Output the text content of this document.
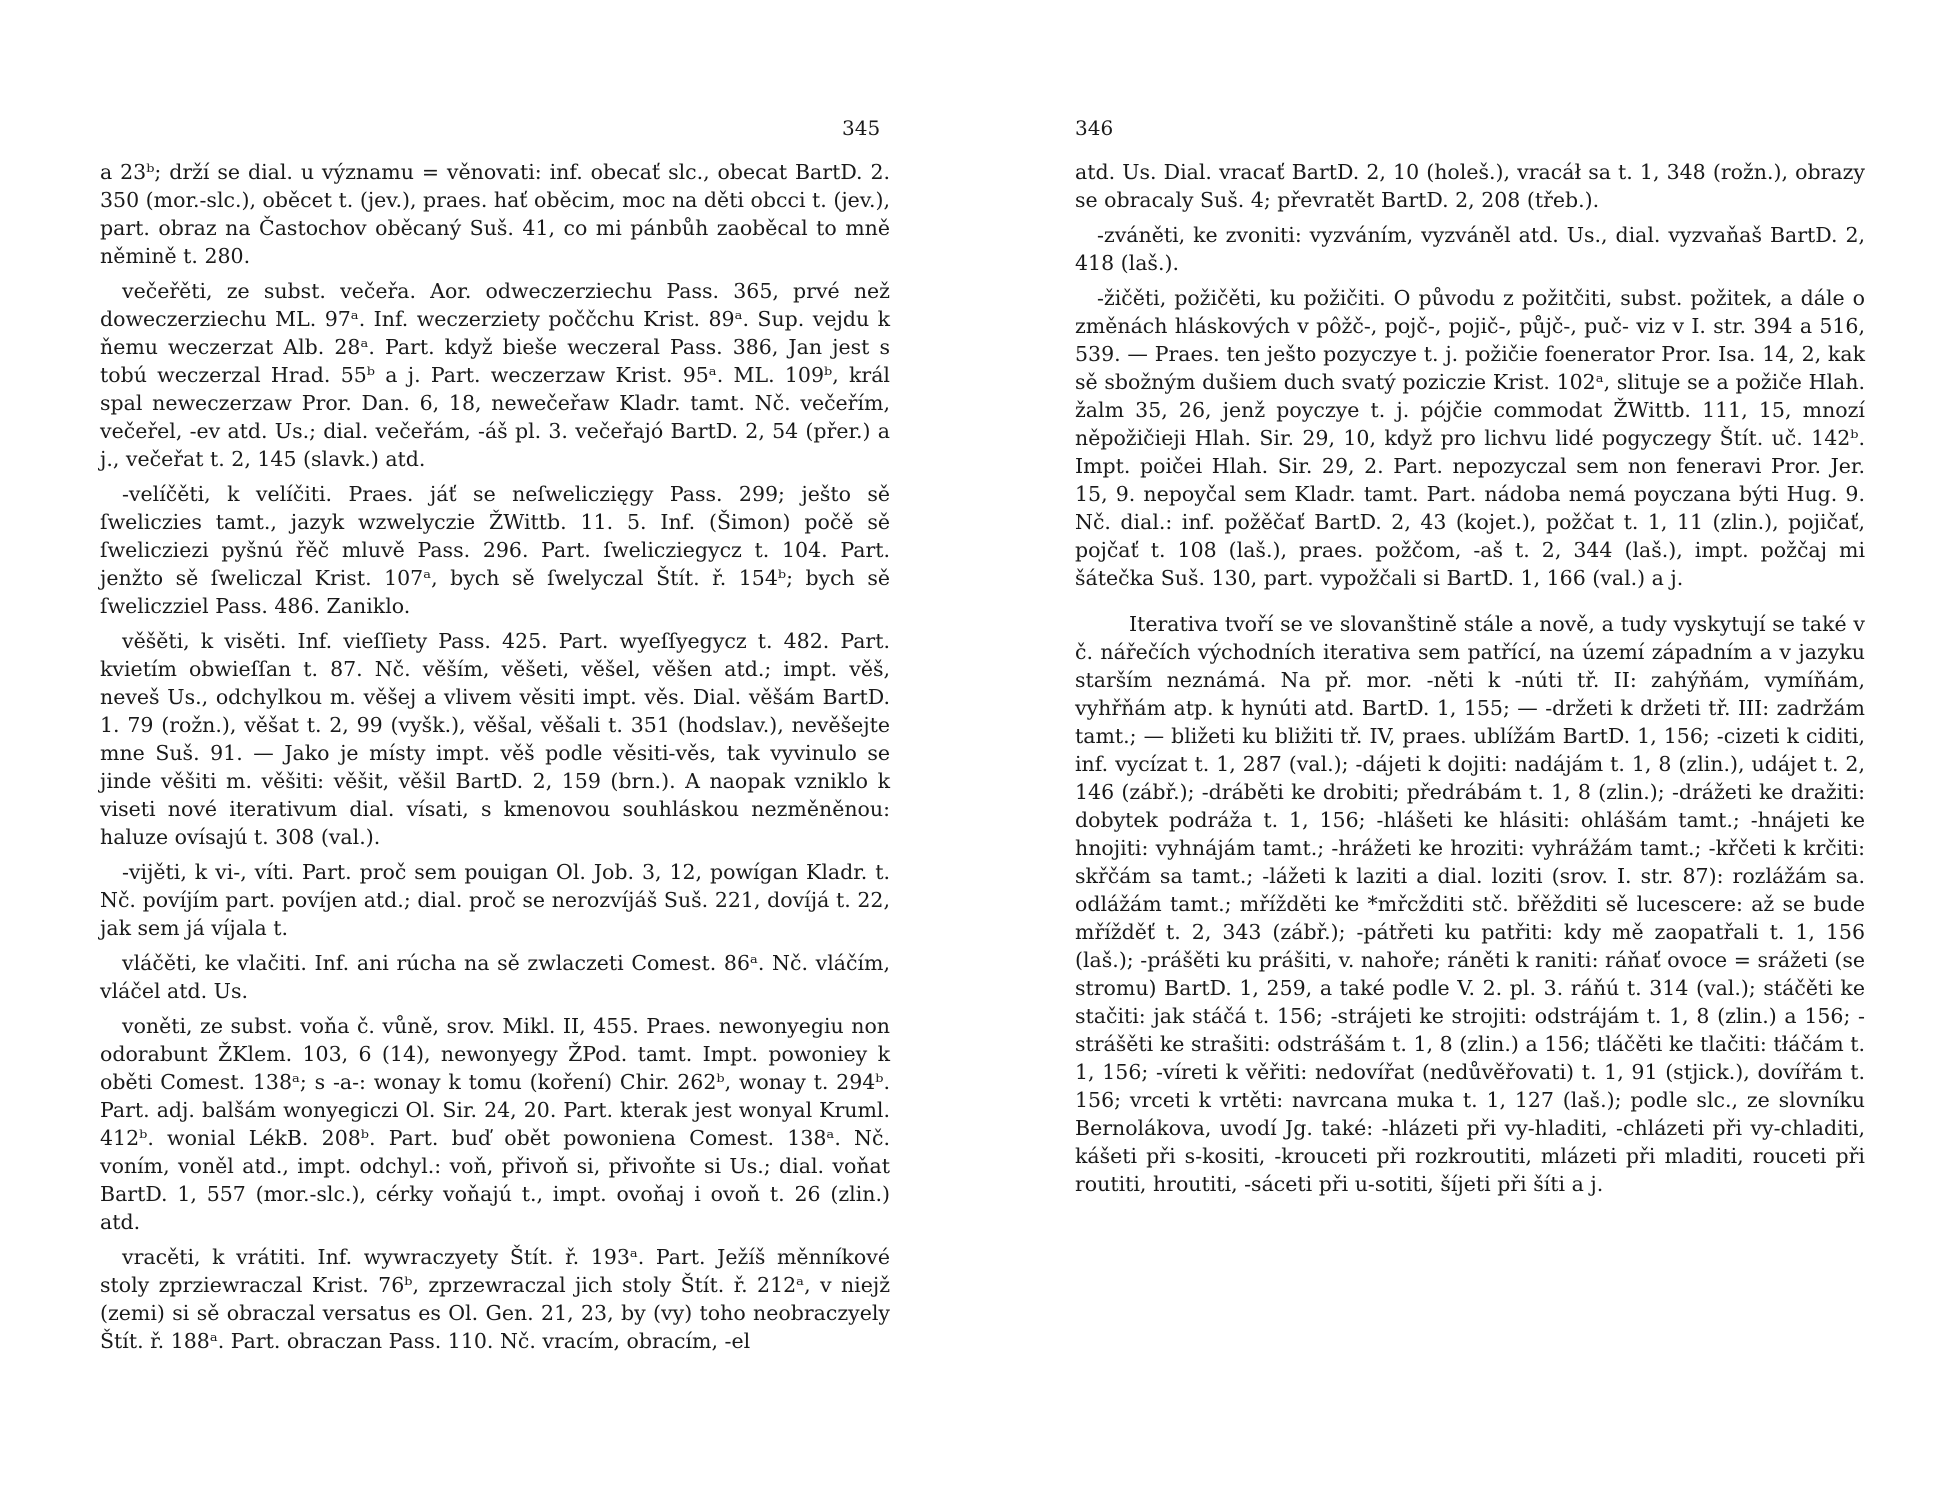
345	346

a 23ᵇ; drží se dial. u významu = věnovati: inf. obecať slc., obecat BartD. 2. 350 (mor.-slc.), oběcet t. (jev.), praes. hať oběcim, moc na děti obcci t. (jev.), part. obraz na Častochov oběcaný Suš. 41, co mi pánbůh zaoběcal to mně němině t. 280.

večeřěti, ze subst. večeřa. Aor. odweczerziechu Pass. 365, prvé než doweczerziechu ML. 97ᵃ. Inf. weczerziety poččchu Krist. 89ᵃ. Sup. vejdu k ňemu weczerzat Alb. 28ᵃ. Part. když bieše weczeral Pass. 386, Jan jest s tobú weczerzal Hrad. 55ᵇ a j. Part. weczerzaw Krist. 95ᵃ. ML. 109ᵇ, král spal neweczerzaw Pror. Dan. 6, 18, newečeřaw Kladr. tamt. Nč. večeřím, večeřel, -ev atd. Us.; dial. večeřám, -áš pl. 3. večeřajó BartD. 2, 54 (přer.) a j., večeřat t. 2, 145 (slavk.) atd.

-velíčěti, k velíčiti. Praes. jáť se neſweliczięgy Pass. 299; ješto sě ſweliczies tamt., jazyk wzwelyczie ŽWittb. 11. 5. Inf. (Šimon) počě sě ſwelicziezi pyšnú řěč mluvě Pass. 296. Part. ſwelicziegycz t. 104. Part. jenžto sě ſweliczal Krist. 107ᵃ, bych sě ſwelyczal Štít. ř. 154ᵇ; bych sě ſweliczziel Pass. 486. Zaniklo.

věšěti, k visěti. Inf. vieſſiety Pass. 425. Part. wyeſſyegycz t. 482. Part. kvietím obwieſſan t. 87. Nč. věším, věšeti, věšel, věšen atd.; impt. věš, neveš Us., odchylkou m. věšej a vlivem věsiti impt. věs. Dial. věšám BartD. 1. 79 (rožn.), věšat t. 2, 99 (vyšk.), věšal, věšali t. 351 (hodslav.), nevěšejte mne Suš. 91. — Jako je místy impt. věš podle věsiti-věs, tak vyvinulo se jinde věšiti m. věšiti: věšit, věšil BartD. 2, 159 (brn.). A naopak vzniklo k viseti nové iterativum dial. vísati, s kmenovou souhláskou nezměněnou: haluze ovísajú t. 308 (val.).

-vijěti, k vi-, víti. Part. proč sem pouigan Ol. Job. 3, 12, powígan Kladr. t. Nč. povíjím part. povíjen atd.; dial. proč se nerozvíjáš Suš. 221, dovíjá t. 22, jak sem já víjala t.

vláčěti, ke vlačiti. Inf. ani rúcha na sě zwlaczeti Comest. 86ᵃ. Nč. vláčím, vláčel atd. Us.

voněti, ze subst. voňa č. vůně, srov. Mikl. II, 455. Praes. newonyegiu non odorabunt ŽKlem. 103, 6 (14), newonyegy ŽPod. tamt. Impt. powoniey k oběti Comest. 138ᵃ; s -a-: wonay k tomu (koření) Chir. 262ᵇ, wonay t. 294ᵇ. Part. adj. balšám wonyegiczi Ol. Sir. 24, 20. Part. kterak jest wonyal Kruml. 412ᵇ. wonial LékB. 208ᵇ. Part. buď obět powoniena Comest. 138ᵃ. Nč. voním, voněl atd., impt. odchyl.: voň, přivoň si, přivoňte si Us.; dial. voňat BartD. 1, 557 (mor.-slc.), cérky voňajú t., impt. ovoňaj i ovoň t. 26 (zlin.) atd.

vracěti, k vrátiti. Inf. wywraczyety Štít. ř. 193ᵃ. Part. Ježíš měnníkové stoly zprziewraczal Krist. 76ᵇ, zprzewraczal jich stoly Štít. ř. 212ᵃ, v niejž (zemi) si sě obraczal versatus es Ol. Gen. 21, 23, by (vy) toho neobraczyely Štít. ř. 188ᵃ. Part. obraczan Pass. 110. Nč. vracím, obracím, -el

atd. Us. Dial. vracať BartD. 2, 10 (holeš.), vracáł sa t. 1, 348 (rožn.), obrazy se obracaly Suš. 4; převratět BartD. 2, 208 (třeb.).

-zváněti, ke zvoniti: vyzváním, vyzváněl atd. Us., dial. vyzvaňaš BartD. 2, 418 (laš.).

-žičěti, požičěti, ku požičiti. O původu z požitčiti, subst. požitek, a dále o změnách hláskových v pôžč-, pojč-, pojič-, půjč-, puč- viz v I. str. 394 a 516, 539. — Praes. ten ješto pozyczye t. j. požičie foenerator Pror. Isa. 14, 2, kak sě sbožným dušiem duch svatý poziczie Krist. 102ᵃ, slituje se a požiče Hlah. žalm 35, 26, jenž poyczye t. j. pójčie commodat ŽWittb. 111, 15, mnozí něpožičieji Hlah. Sir. 29, 10, když pro lichvu lidé pogyczegy Štít. uč. 142ᵇ. Impt. poičei Hlah. Sir. 29, 2. Part. nepozyczal sem non feneravi Pror. Jer. 15, 9. nepoyčal sem Kladr. tamt. Part. nádoba nemá poyczana býti Hug. 9. Nč. dial.: inf. požěčať BartD. 2, 43 (kojet.), požčat t. 1, 11 (zlin.), pojičať, pojčať t. 108 (laš.), praes. požčom, -aš t. 2, 344 (laš.), impt. požčaj mi šátečka Suš. 130, part. vypožčali si BartD. 1, 166 (val.) a j.

Iterativa tvoří se ve slovanštině stále a nově, a tudy vyskytují se také v č. nářečích východních iterativa sem patřící, na území západním a v jazyku starším neznámá. Na př. mor. -něti k -núti tř. II: zahýňám, vymíňám, vyhřňám atp. k hynúti atd. BartD. 1, 155; — -držeti k držeti tř. III: zadržám tamt.; — bližeti ku bližiti tř. IV, praes. ublížám BartD. 1, 156; -cizeti k ciditi, inf. vycízat t. 1, 287 (val.); -dájeti k dojiti: nadájám t. 1, 8 (zlin.), udájet t. 2, 146 (zábř.); -dráběti ke drobiti; předrábám t. 1, 8 (zlin.); -drážeti ke dražiti: dobytek podráža t. 1, 156; -hlášeti ke hlásiti: ohlášám tamt.; -hnájeti ke hnojiti: vyhnájám tamt.; -hrážeti ke hroziti: vyhrážám tamt.; -křčeti k krčiti: skřčám sa tamt.; -lážeti k laziti a dial. loziti (srov. I. str. 87): rozlážám sa. odlážám tamt.; mřížděti ke *mřcžditi stč. břěžditi sě lucescere: až se bude mřížděť t. 2, 343 (zábř.); -pátřeti ku patřiti: kdy mě zaopatřali t. 1, 156 (laš.); -prášěti ku prášiti, v. nahoře; ráněti k raniti: ráňať ovoce = srážeti (se stromu) BartD. 1, 259, a také podle V. 2. pl. 3. ráňú t. 314 (val.); stáčěti ke stačiti: jak stáčá t. 156; -strájeti ke strojiti: odstrájám t. 1, 8 (zlin.) a 156; -strášěti ke strašiti: odstrášám t. 1, 8 (zlin.) a 156; tláčěti ke tlačiti: tłáčám t. 1, 156; -víreti k věřiti: nedovířat (nedůvěřovati) t. 1, 91 (stjick.), dovířám t. 156; vrceti k vrtěti: navrcana muka t. 1, 127 (laš.); podle slc., ze slovníku Bernolákova, uvodí Jg. také: -hlázeti při vy-hladiti, -chlázeti při vy-chladiti, kášeti při s-kositi, -krouceti při rozkroutiti, mlázeti při mladiti, rouceti při routiti, hroutiti, -sáceti při u-sotiti, šíjeti při šíti a j.
